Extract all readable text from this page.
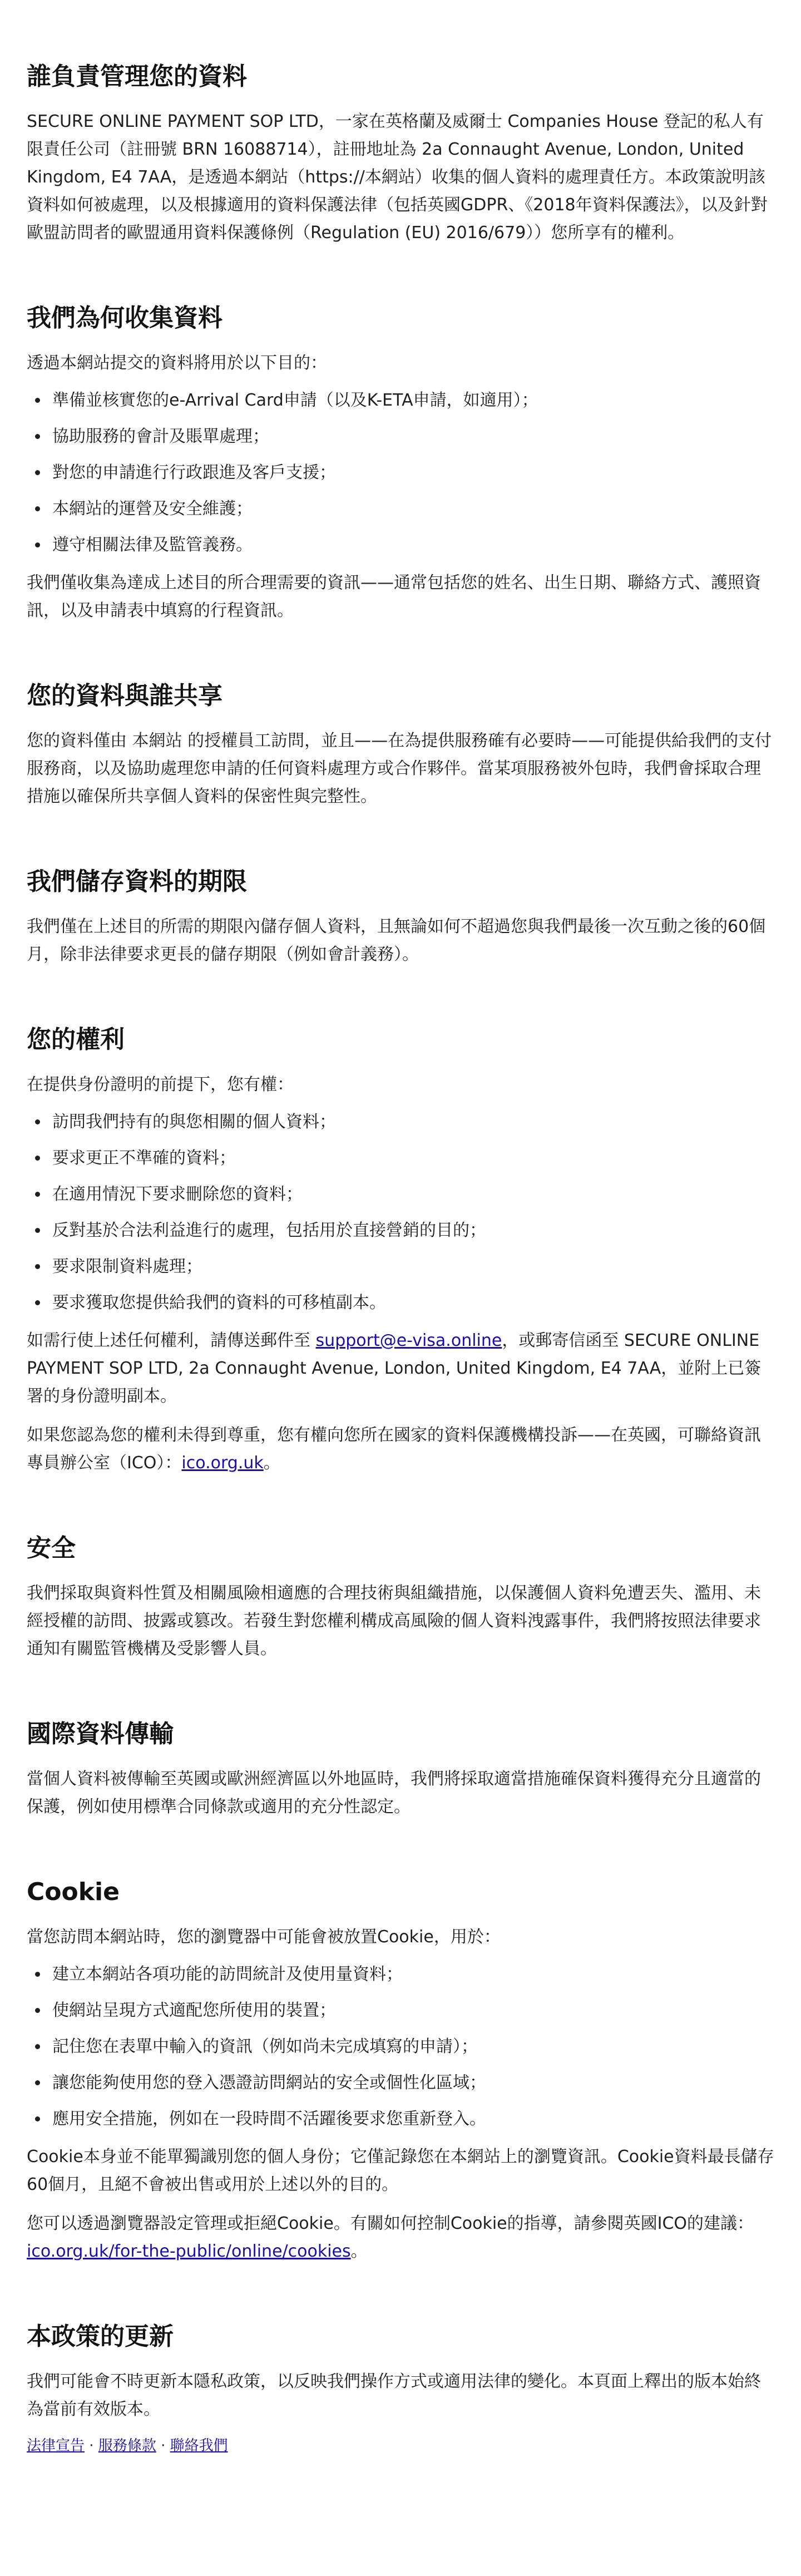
誰負責管理您的資料

SECURE ONLINE PAYMENT SOP LTD，一家在英格蘭及威爾士 Companies House 登記的私人有限責任公司（註冊號 BRN 16088714），註冊地址為 2a Connaught Avenue, London, United Kingdom, E4 7AA，是透過本網站（https://本網站）收集的個人資料的處理責任方。本政策說明該資料如何被處理，以及根據適用的資料保護法律（包括英國GDPR、《2018年資料保護法》，以及針對歐盟訪問者的歐盟通用資料保護條例（Regulation (EU) 2016/679））您所享有的權利。

我們為何收集資料

透過本網站提交的資料將用於以下目的：

• 準備並核實您的e-Arrival Card申請（以及K-ETA申請，如適用）；
• 協助服務的會計及賬單處理；
• 對您的申請進行行政跟進及客戶支援；
• 本網站的運營及安全維護；
• 遵守相關法律及監管義務。

我們僅收集為達成上述目的所合理需要的資訊——通常包括您的姓名、出生日期、聯絡方式、護照資訊，以及申請表中填寫的行程資訊。

您的資料與誰共享

您的資料僅由 本網站 的授權員工訪問，並且——在為提供服務確有必要時——可能提供給我們的支付服務商，以及協助處理您申請的任何資料處理方或合作夥伴。當某項服務被外包時，我們會採取合理措施以確保所共享個人資料的保密性與完整性。

我們儲存資料的期限

我們僅在上述目的所需的期限內儲存個人資料，且無論如何不超過您與我們最後一次互動之後的60個月，除非法律要求更長的儲存期限（例如會計義務）。

您的權利

在提供身份證明的前提下，您有權：

• 訪問我們持有的與您相關的個人資料；
• 要求更正不準確的資料；
• 在適用情況下要求刪除您的資料；
• 反對基於合法利益進行的處理，包括用於直接營銷的目的；
• 要求限制資料處理；
• 要求獲取您提供給我們的資料的可移植副本。

如需行使上述任何權利，請傳送郵件至 support@e-visa.online，或郵寄信函至 SECURE ONLINE PAYMENT SOP LTD, 2a Connaught Avenue, London, United Kingdom, E4 7AA，並附上已簽署的身份證明副本。

如果您認為您的權利未得到尊重，您有權向您所在國家的資料保護機構投訴——在英國，可聯絡資訊專員辦公室（ICO）：ico.org.uk。

安全

我們採取與資料性質及相關風險相適應的合理技術與組織措施，以保護個人資料免遭丟失、濫用、未經授權的訪問、披露或篡改。若發生對您權利構成高風險的個人資料洩露事件，我們將按照法律要求通知有關監管機構及受影響人員。

國際資料傳輸

當個人資料被傳輸至英國或歐洲經濟區以外地區時，我們將採取適當措施確保資料獲得充分且適當的保護，例如使用標準合同條款或適用的充分性認定。

Cookie

當您訪問本網站時，您的瀏覽器中可能會被放置Cookie，用於：

• 建立本網站各項功能的訪問統計及使用量資料；
• 使網站呈現方式適配您所使用的裝置；
• 記住您在表單中輸入的資訊（例如尚未完成填寫的申請）；
• 讓您能夠使用您的登入憑證訪問網站的安全或個性化區域；
• 應用安全措施，例如在一段時間不活躍後要求您重新登入。

Cookie本身並不能單獨識別您的個人身份；它僅記錄您在本網站上的瀏覽資訊。Cookie資料最長儲存60個月，且絕不會被出售或用於上述以外的目的。

您可以透過瀏覽器設定管理或拒絕Cookie。有關如何控制Cookie的指導，請參閱英國ICO的建議：ico.org.uk/for-the-public/online/cookies。

本政策的更新

我們可能會不時更新本隱私政策，以反映我們操作方式或適用法律的變化。本頁面上釋出的版本始終為當前有效版本。

法律宣告 · 服務條款 · 聯絡我們
